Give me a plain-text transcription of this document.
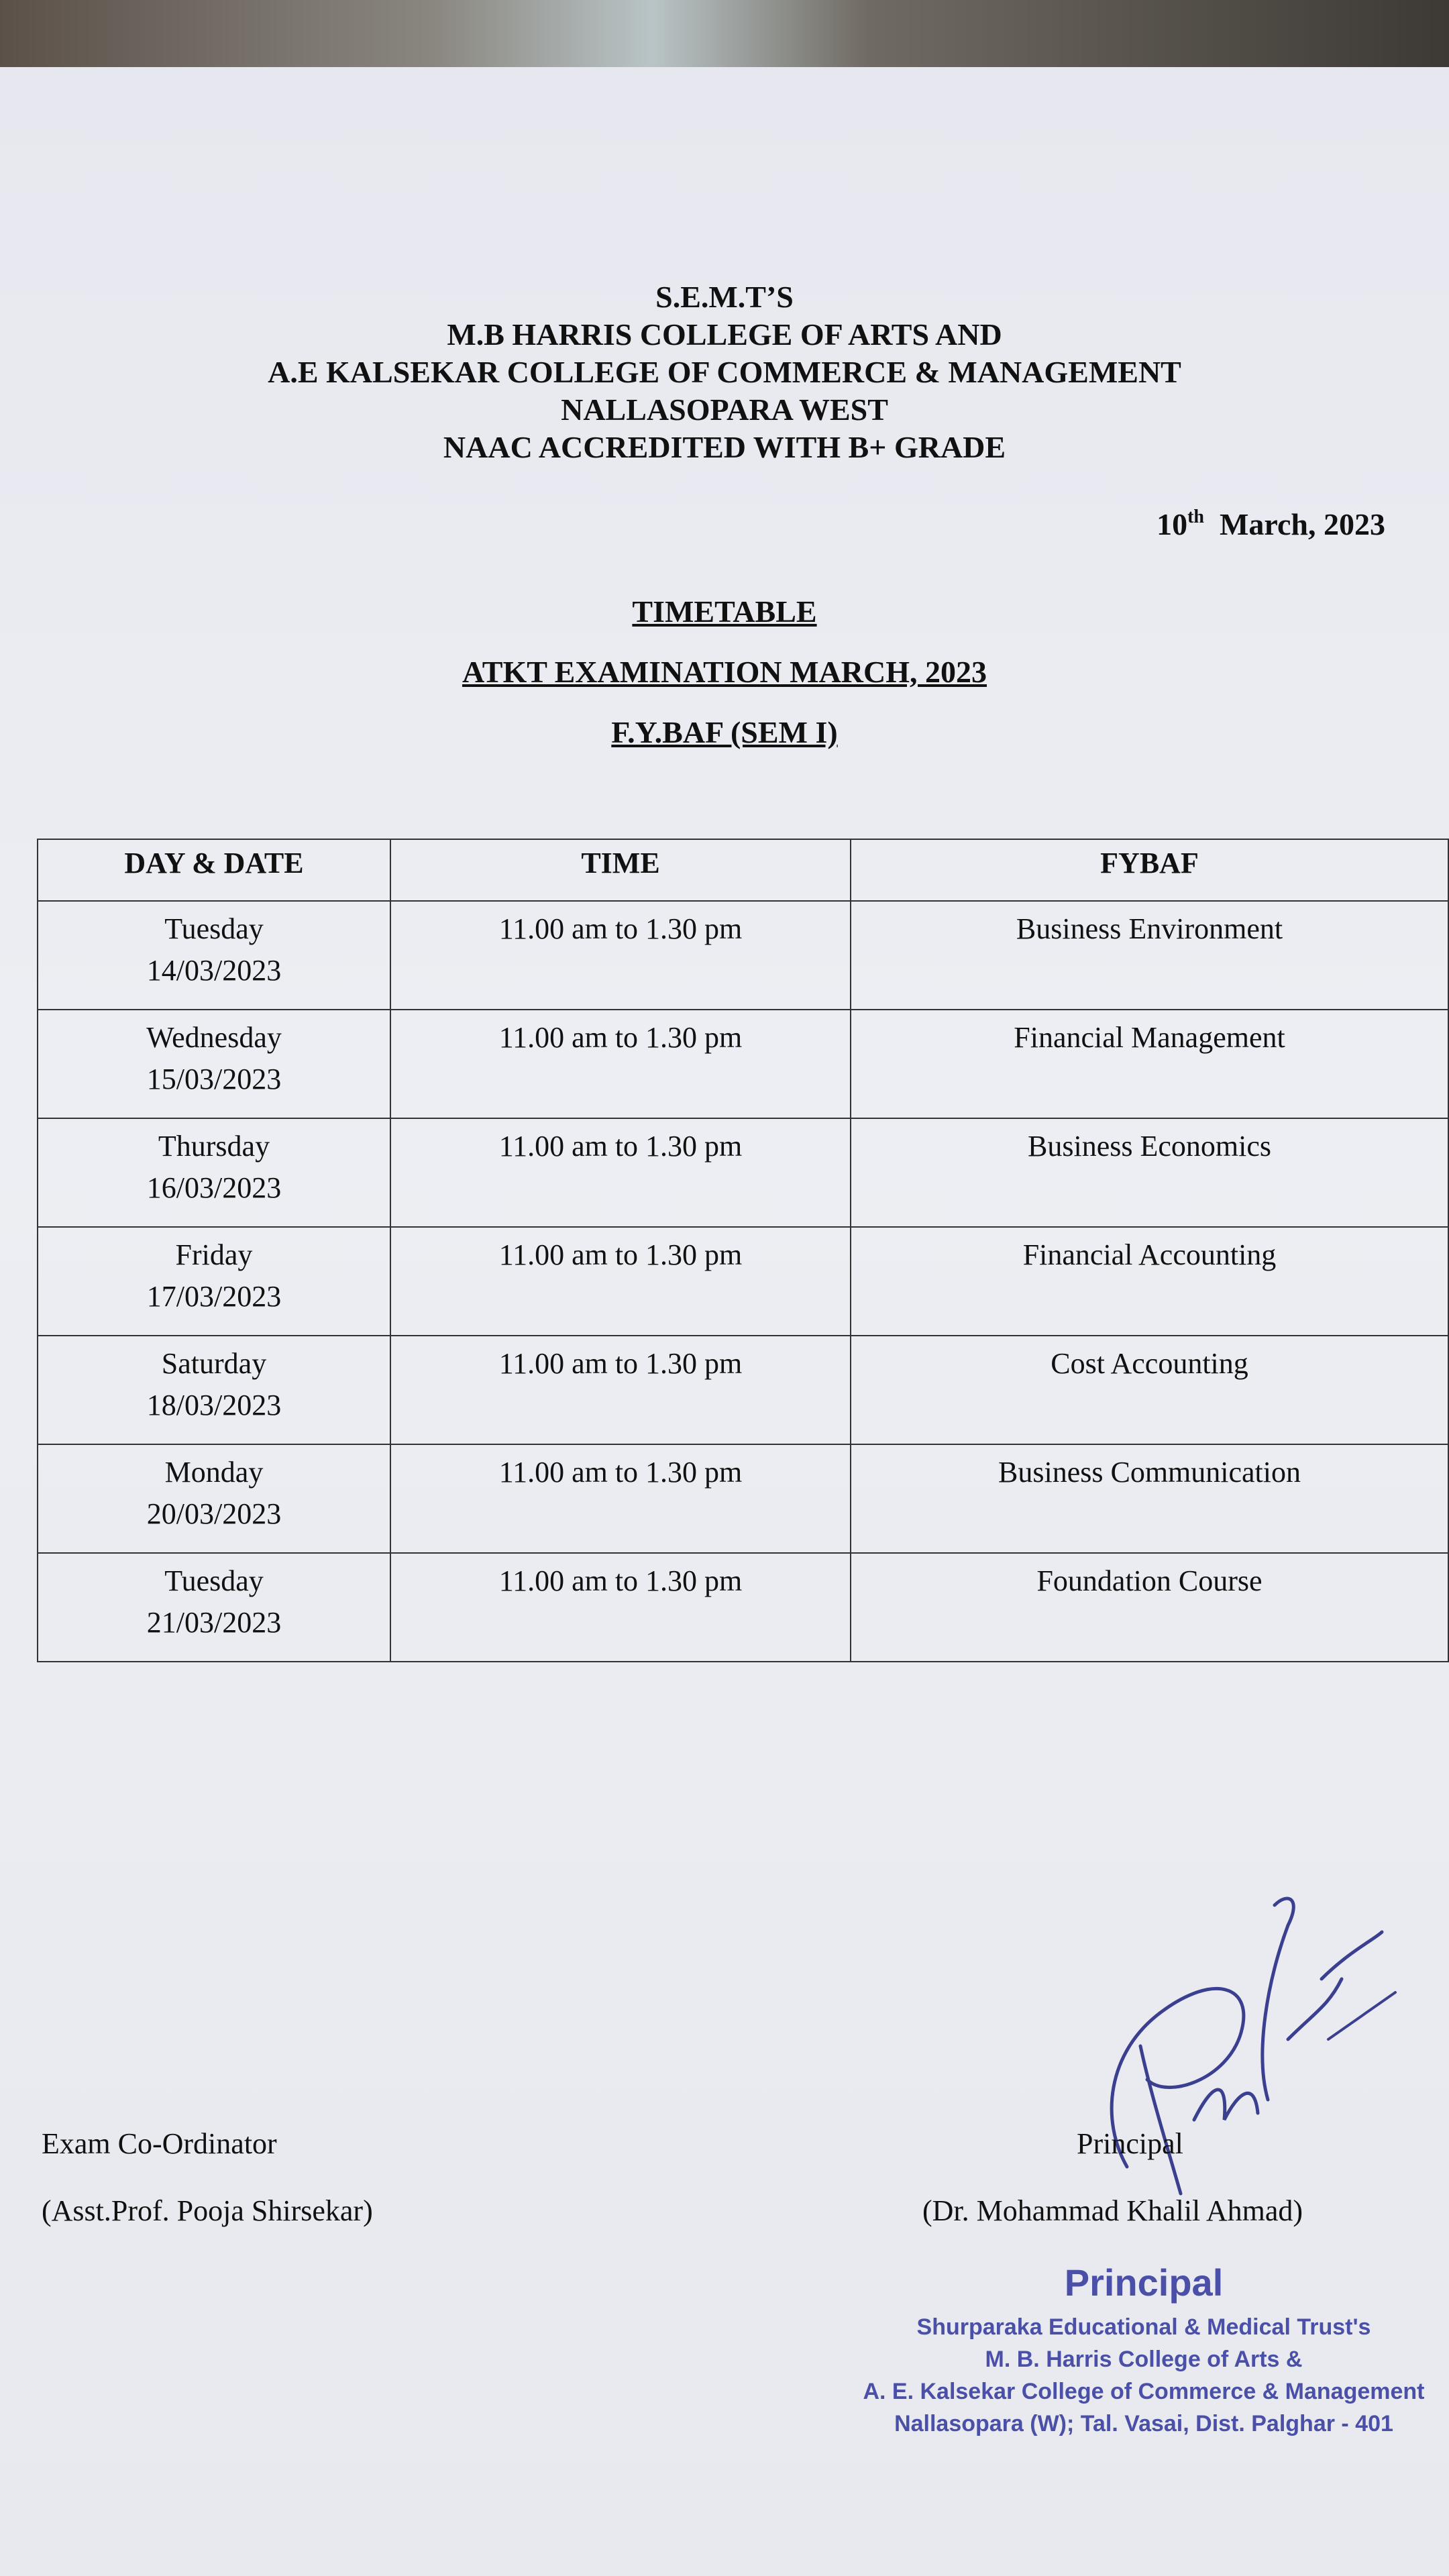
S.E.M.T’S
M.B HARRIS COLLEGE OF ARTS AND
A.E KALSEKAR COLLEGE OF COMMERCE & MANAGEMENT
NALLASOPARA WEST
NAAC ACCREDITED WITH B+ GRADE
10th March, 2023
TIMETABLE
ATKT EXAMINATION MARCH, 2023
F.Y.BAF (SEM I)
DAY & DATE	TIME	FYBAF

Tuesday
14/03/2023	11.00 am to 1.30 pm	Business Environment

Wednesday
15/03/2023	11.00 am to 1.30 pm	Financial Management

Thursday
16/03/2023	11.00 am to 1.30 pm	Business Economics

Friday
17/03/2023	11.00 am to 1.30 pm	Financial Accounting

Saturday
18/03/2023	11.00 am to 1.30 pm	Cost Accounting

Monday
20/03/2023	11.00 am to 1.30 pm	Business Communication

Tuesday
21/03/2023	11.00 am to 1.30 pm	Foundation Course
Exam Co-Ordinator
(Asst.Prof. Pooja Shirsekar)
Principal
(Dr. Mohammad Khalil Ahmad)
Principal
Shurparaka Educational & Medical Trust's
M. B. Harris College of Arts &
A. E. Kalsekar College of Commerce & Management
Nallasopara (W); Tal. Vasai, Dist. Palghar - 401
